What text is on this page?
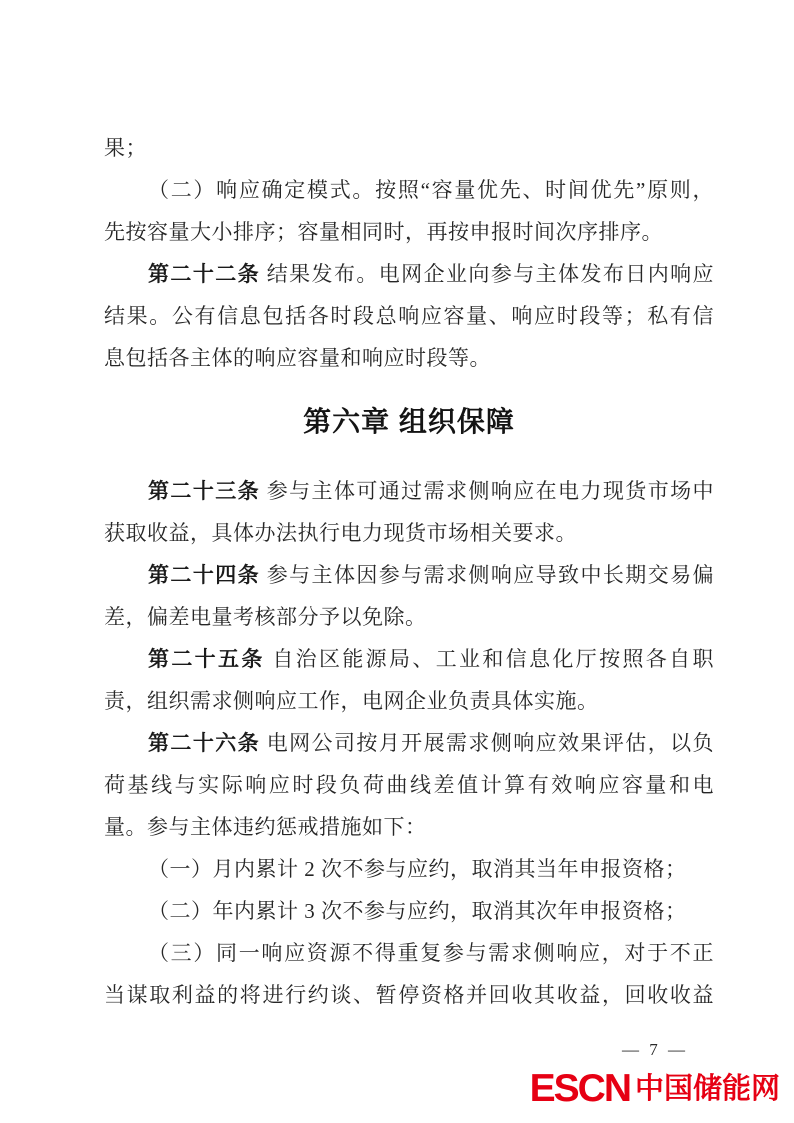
果；
（二）响应确定模式。按照“容量优先、时间优先”原则，
先按容量大小排序；容量相同时，再按申报时间次序排序。
第二十二条 结果发布。电网企业向参与主体发布日内响应
结果。公有信息包括各时段总响应容量、响应时段等；私有信
息包括各主体的响应容量和响应时段等。
第六章 组织保障
第二十三条 参与主体可通过需求侧响应在电力现货市场中
获取收益，具体办法执行电力现货市场相关要求。
第二十四条 参与主体因参与需求侧响应导致中长期交易偏
差，偏差电量考核部分予以免除。
第二十五条 自治区能源局、工业和信息化厅按照各自职
责，组织需求侧响应工作，电网企业负责具体实施。
第二十六条 电网公司按月开展需求侧响应效果评估，以负
荷基线与实际响应时段负荷曲线差值计算有效响应容量和电
量。参与主体违约惩戒措施如下：
（一）月内累计 2 次不参与应约，取消其当年申报资格；
（二）年内累计 3 次不参与应约，取消其次年申报资格；
（三）同一响应资源不得重复参与需求侧响应，对于不正
当谋取利益的将进行约谈、暂停资格并回收其收益，回收收益
— 7 —
ESCN 中国储能网
